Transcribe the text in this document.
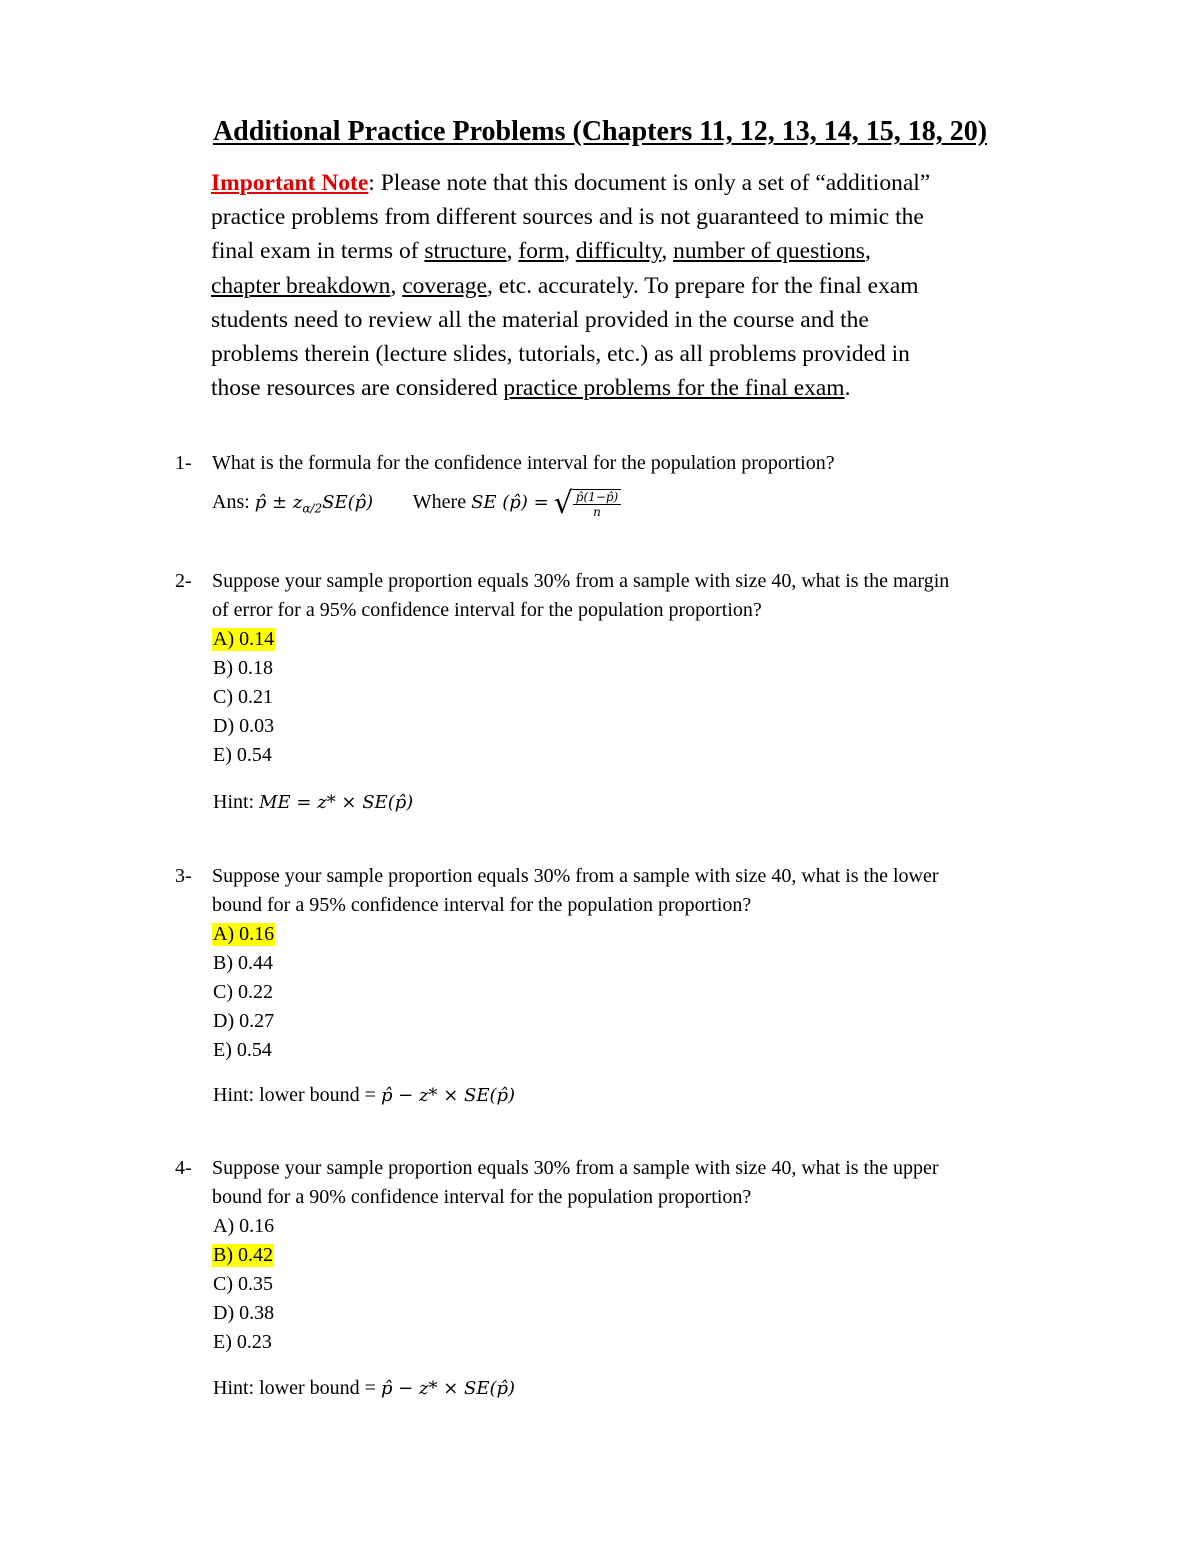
Additional Practice Problems (Chapters 11, 12, 13, 14, 15, 18, 20)
Important Note: Please note that this document is only a set of “additional”
practice problems from different sources and is not guaranteed to mimic the
final exam in terms of structure, form, difficulty, number of questions,
chapter breakdown, coverage, etc. accurately. To prepare for the final exam
students need to review all the material provided in the course and the
problems therein (lecture slides, tutorials, etc.) as all problems provided in
those resources are considered practice problems for the final exam.
1- What is the formula for the confidence interval for the population proportion?
Ans: p̂ ± $z_{\alpha/2}SE(p̂)$ Where SE (p̂) = √ $\frac{p̂(1-p̂)}{n}$
2- Suppose your sample proportion equals 30% from a sample with size 40, what is the margin
of error for a 95% confidence interval for the population proportion?
A) 0.14
B) 0.18
C) 0.21
D) 0.03
E) 0.54
Hint: ME = z* × SE(p̂)
3- Suppose your sample proportion equals 30% from a sample with size 40, what is the lower
bound for a 95% confidence interval for the population proportion?
A) 0.16
B) 0.44
C) 0.22
D) 0.27
E) 0.54
Hint: lower bound = p̂ − z* × SE(p̂)
4- Suppose your sample proportion equals 30% from a sample with size 40, what is the upper
bound for a 90% confidence interval for the population proportion?
A) 0.16
B) 0.42
C) 0.35
D) 0.38
E) 0.23
Hint: lower bound = p̂ − z* × SE(p̂)
